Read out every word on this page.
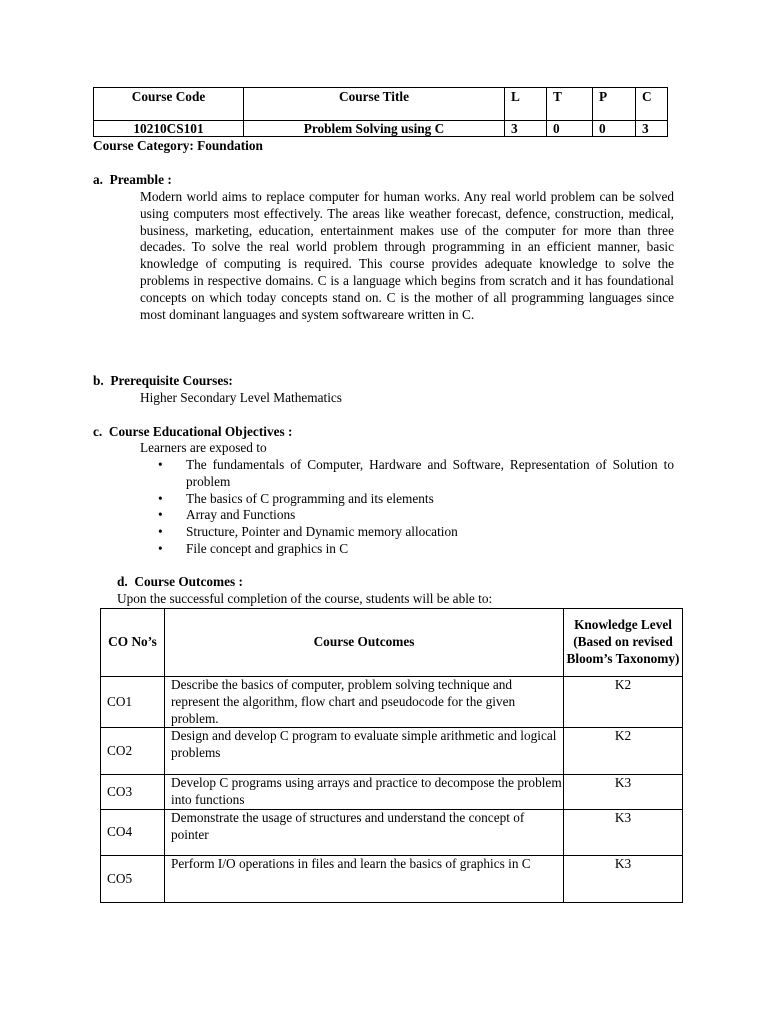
Course Code	Course Title	L	T	P	C
10210CS101	Problem Solving using C	3	0	0	3
Course Category: Foundation
a.  Preamble :

Modern world aims to replace computer for human works. Any real world problem can be solved using computers most effectively. The areas like weather forecast, defence, construction, medical, business, marketing, education, entertainment makes use of the computer for more than three decades. To solve the real world problem through programming in an efficient manner, basic knowledge of computing is required. This course provides adequate knowledge to solve the problems in respective domains. C is a language which begins from scratch and it has foundational concepts on which today concepts stand on. C is the mother of all programming languages since most dominant languages and system softwareare written in C.

b.  Prerequisite Courses:
Higher Secondary Level Mathematics
c.  Course Educational Objectives :
Learners are exposed to
• The fundamentals of Computer, Hardware and Software, Representation of Solution to problem
• The basics of C programming and its elements
• Array and Functions
• Structure, Pointer and Dynamic memory allocation
• File concept and graphics in C
d.  Course Outcomes :
Upon the successful completion of the course, students will be able to:
CO No’s	Course Outcomes	Knowledge Level (Based on revised Bloom’s Taxonomy)
CO1	Describe the basics of computer, problem solving technique and represent the algorithm, flow chart and pseudocode for the given problem.	K2
CO2	Design and develop C program to evaluate simple arithmetic and logical problems	K2
CO3	Develop C programs using arrays and practice to decompose the problem into functions	K3
CO4	Demonstrate the usage of structures and understand the concept of pointer	K3
CO5	Perform I/O operations in files and learn the basics of graphics in C	K3
